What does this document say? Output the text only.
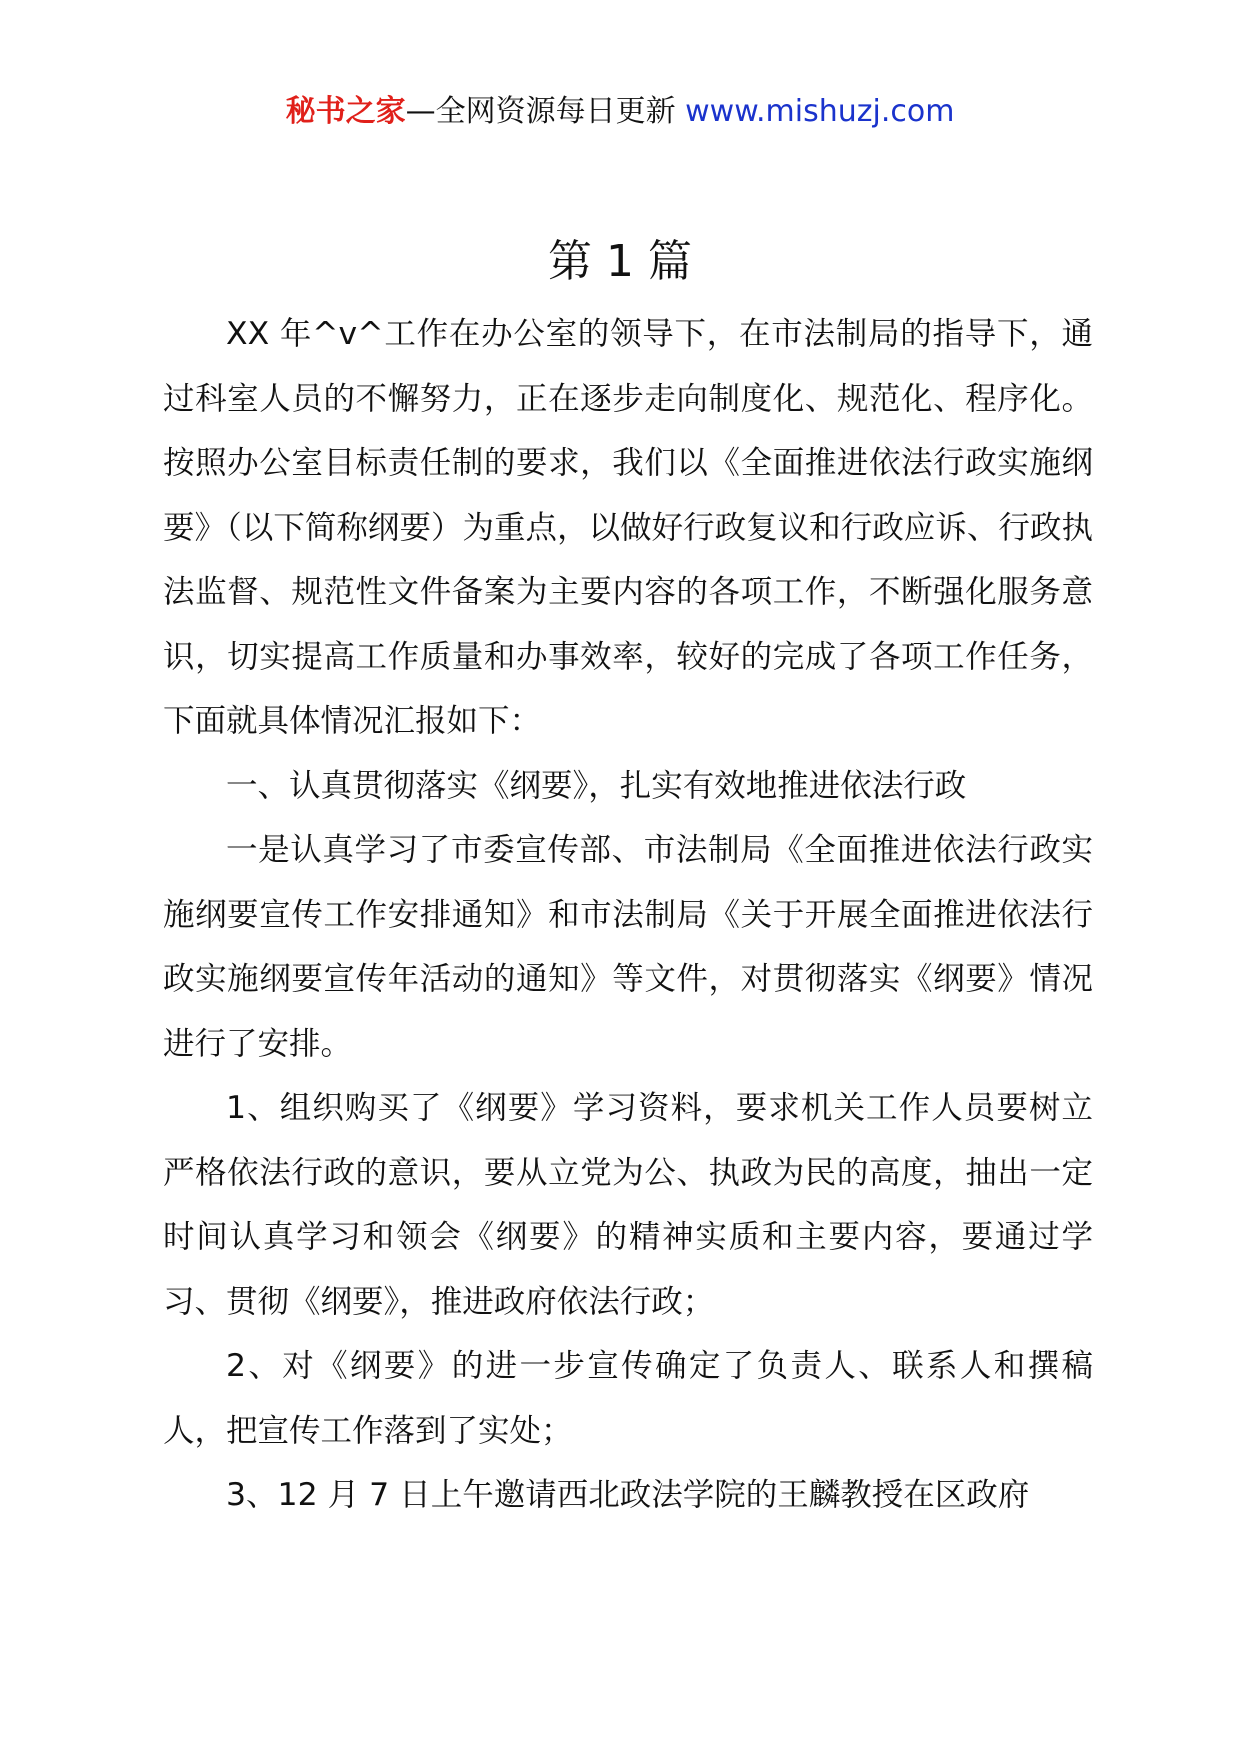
秘书之家—全网资源每日更新 www.mishuzj.com
第 1 篇

XX 年^v^工作在办公室的领导下，在市法制局的指导下，通过科室人员的不懈努力，正在逐步走向制度化、规范化、程序化。按照办公室目标责任制的要求，我们以《全面推进依法行政实施纲要》（以下简称纲要）为重点，以做好行政复议和行政应诉、行政执法监督、规范性文件备案为主要内容的各项工作，不断强化服务意识，切实提高工作质量和办事效率，较好的完成了各项工作任务，下面就具体情况汇报如下：

一、认真贯彻落实《纲要》，扎实有效地推进依法行政

一是认真学习了市委宣传部、市法制局《全面推进依法行政实施纲要宣传工作安排通知》和市法制局《关于开展全面推进依法行政实施纲要宣传年活动的通知》等文件，对贯彻落实《纲要》情况进行了安排。

1、组织购买了《纲要》学习资料，要求机关工作人员要树立严格依法行政的意识，要从立党为公、执政为民的高度，抽出一定时间认真学习和领会《纲要》的精神实质和主要内容，要通过学习、贯彻《纲要》，推进政府依法行政；

2、对《纲要》的进一步宣传确定了负责人、联系人和撰稿人，把宣传工作落到了实处；

3、12 月 7 日上午邀请西北政法学院的王麟教授在区政府
